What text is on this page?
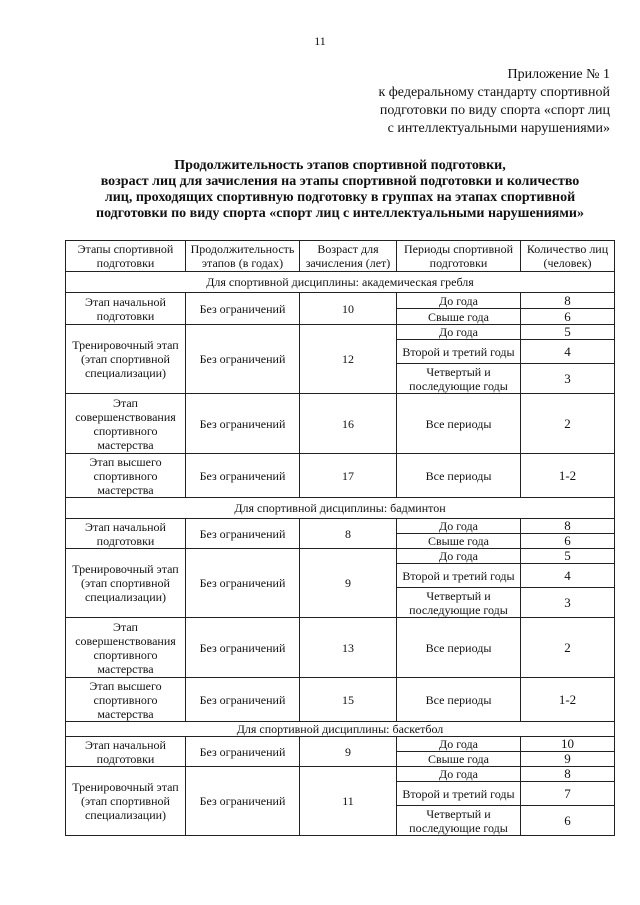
11
Приложение № 1
к федеральному стандарту спортивной
подготовки по виду спорта «спорт лиц
с интеллектуальными нарушениями»
Продолжительность этапов спортивной подготовки,
возраст лиц для зачисления на этапы спортивной подготовки и количество
лиц, проходящих спортивную подготовку в группах на этапах спортивной
подготовки по виду спорта «спорт лиц с интеллектуальными нарушениями»
Этапы спортивной подготовки	Продолжительность этапов (в годах)	Возраст для зачисления (лет)	Периоды спортивной подготовки	Количество лиц (человек)
Для спортивной дисциплины: академическая гребля				
Этап начальной подготовки	Без ограничений	10	До года	8
			Свыше года	6
Тренировочный этап (этап спортивной специализации)	Без ограничений	12	До года	5
			Второй и третий годы	4
			Четвертый и последующие годы	3
Этап совершенствования спортивного мастерства	Без ограничений	16	Все периоды	2
Этап высшего спортивного мастерства	Без ограничений	17	Все периоды	1-2
Для спортивной дисциплины: бадминтон				
Этап начальной подготовки	Без ограничений	8	До года	8
			Свыше года	6
Тренировочный этап (этап спортивной специализации)	Без ограничений	9	До года	5
			Второй и третий годы	4
			Четвертый и последующие годы	3
Этап совершенствования спортивного мастерства	Без ограничений	13	Все периоды	2
Этап высшего спортивного мастерства	Без ограничений	15	Все периоды	1-2
Для спортивной дисциплины: баскетбол				
Этап начальной подготовки	Без ограничений	9	До года	10
			Свыше года	9
Тренировочный этап (этап спортивной специализации)	Без ограничений	11	До года	8
			Второй и третий годы	7
			Четвертый и последующие годы	6
